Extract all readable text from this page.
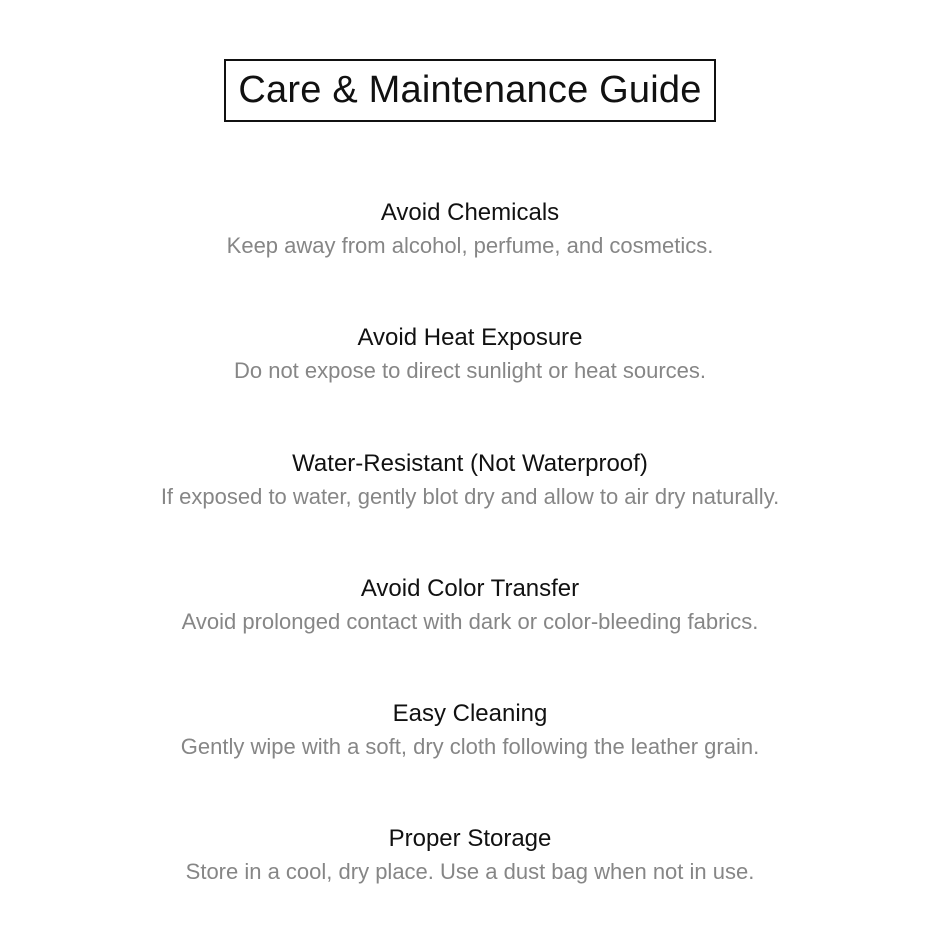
Care & Maintenance Guide
Avoid Chemicals
Keep away from alcohol, perfume, and cosmetics.
Avoid Heat Exposure
Do not expose to direct sunlight or heat sources.
Water-Resistant (Not Waterproof)
If exposed to water, gently blot dry and allow to air dry naturally.
Avoid Color Transfer
Avoid prolonged contact with dark or color-bleeding fabrics.
Easy Cleaning
Gently wipe with a soft, dry cloth following the leather grain.
Proper Storage
Store in a cool, dry place. Use a dust bag when not in use.
